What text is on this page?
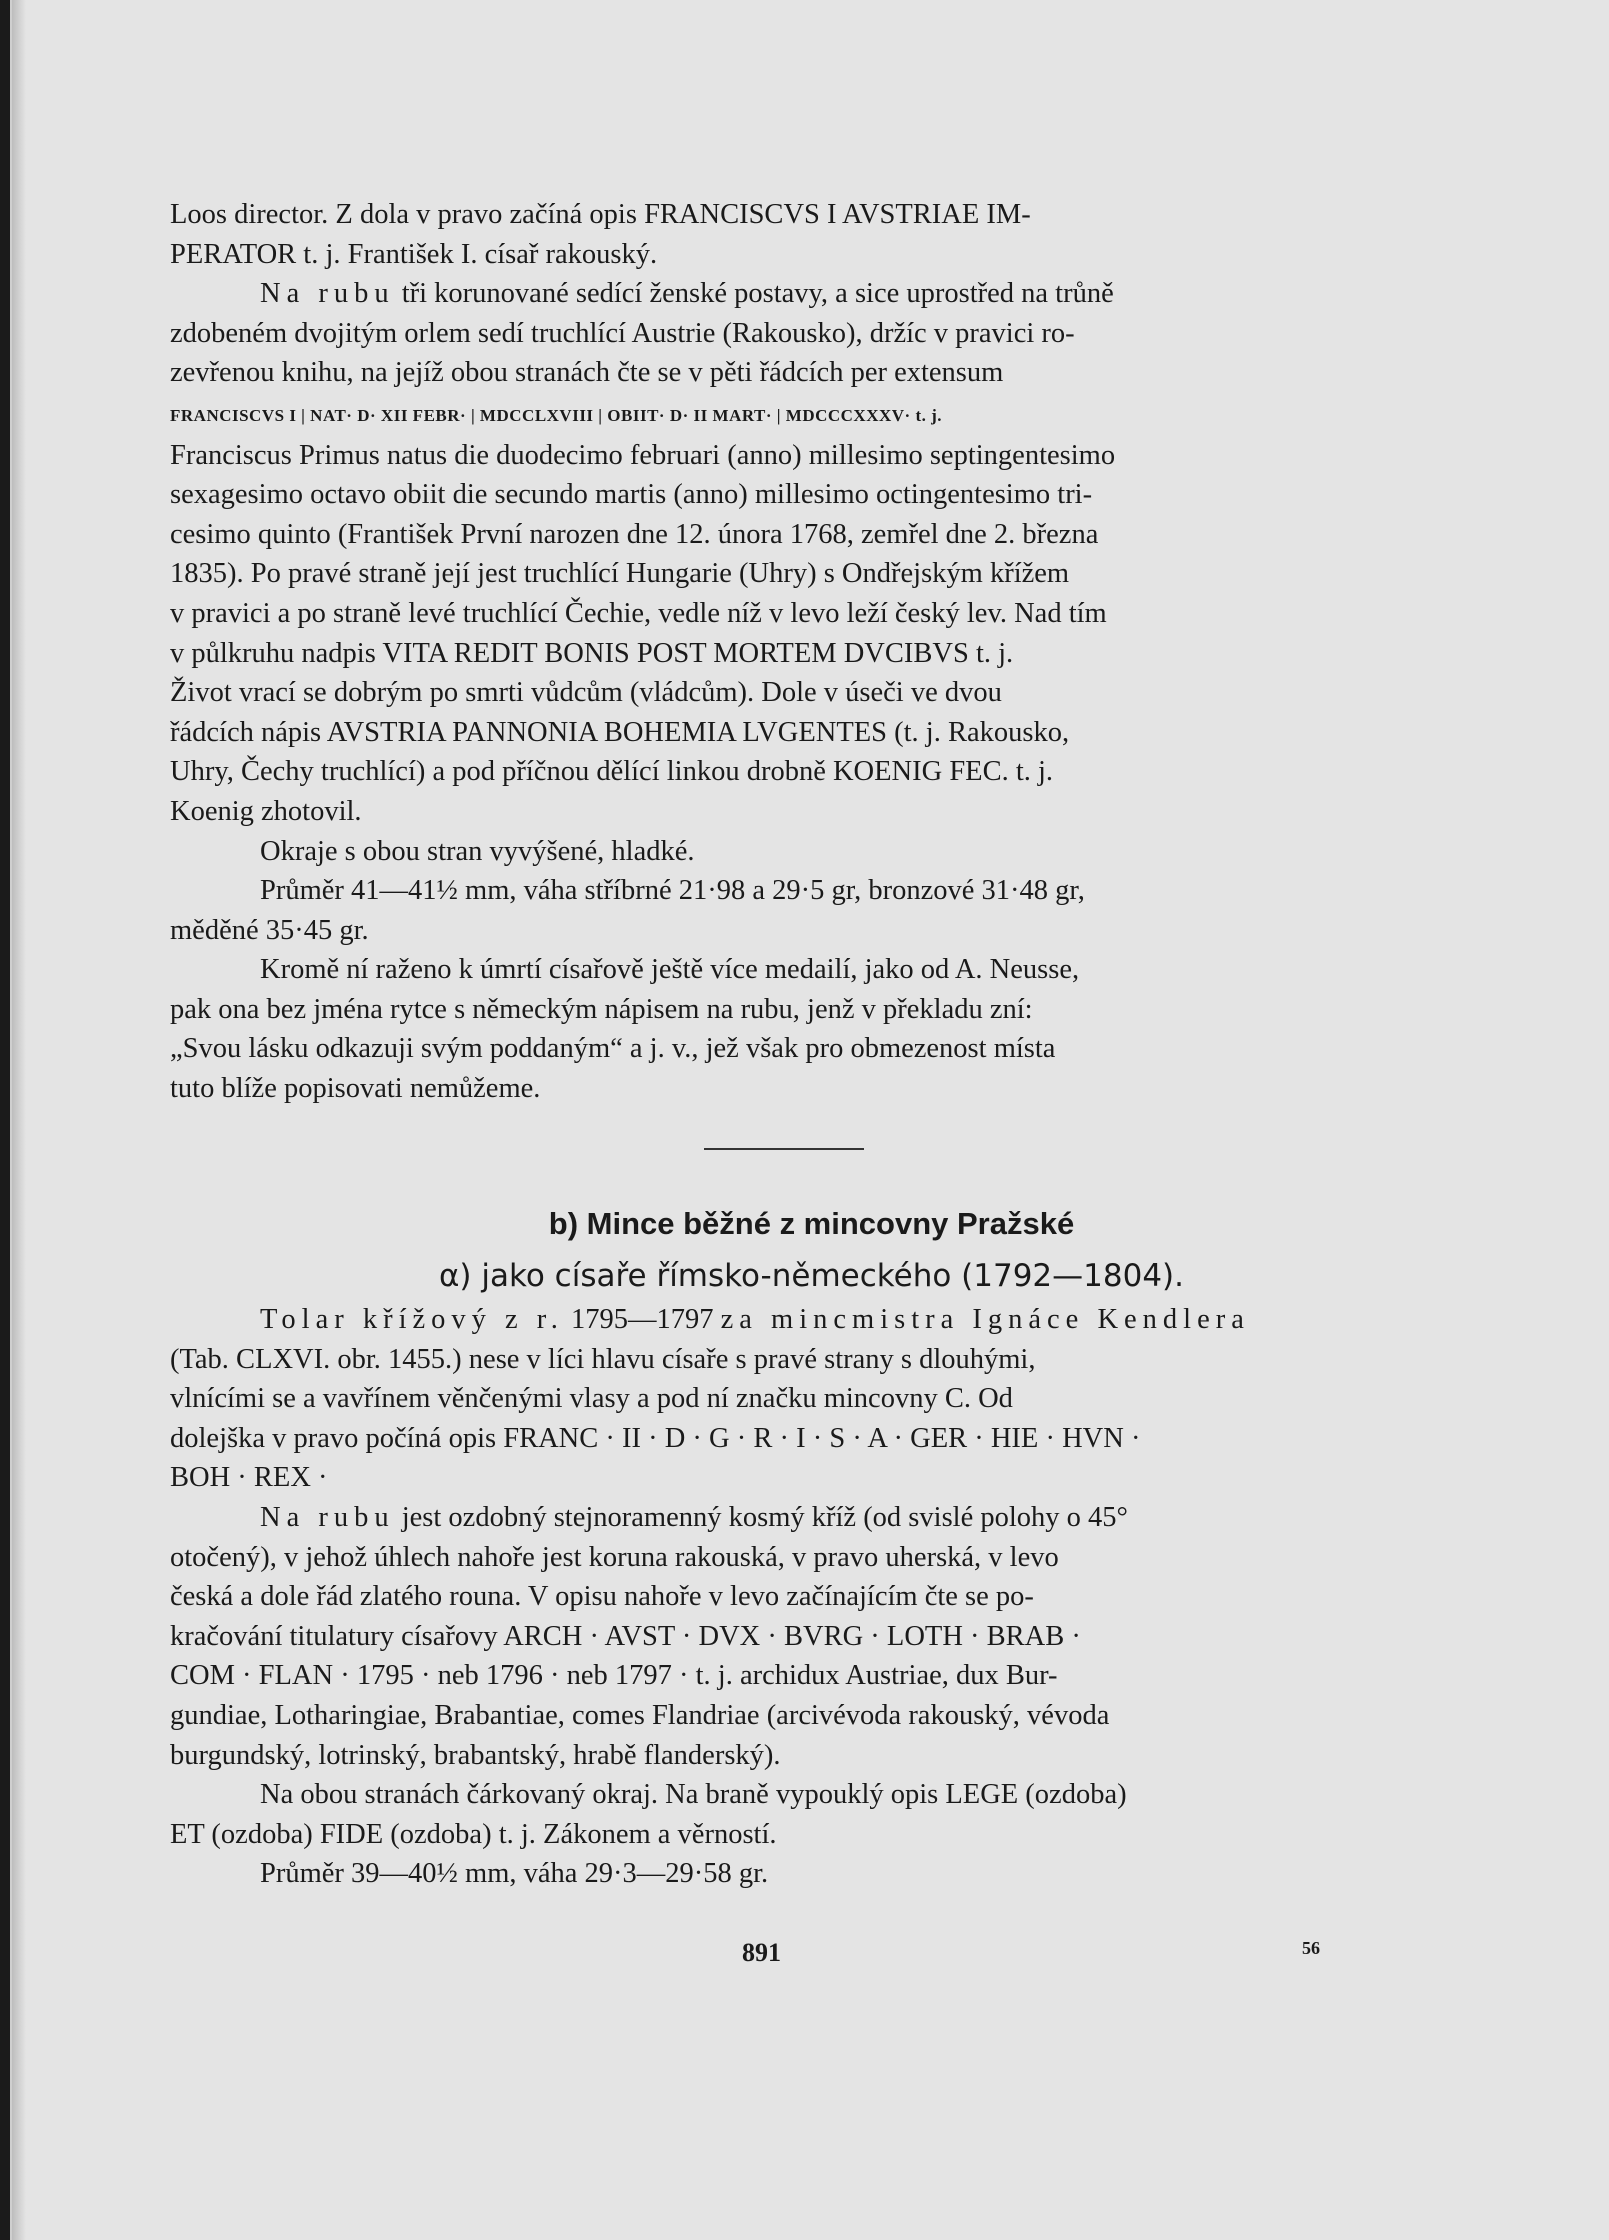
Loos director. Z dola v pravo začíná opis FRANCISCVS I AVSTRIAE IM-
PERATOR t. j. František I. císař rakouský.

Na rubu tři korunované sedící ženské postavy, a sice uprostřed na trůně
zdobeném dvojitým orlem sedí truchlící Austrie (Rakousko), držíc v pravici ro-
zevřenou knihu, na jejíž obou stranách čte se v pěti řádcích per extensum
FRANCISCVS I | NAT· D· XII FEBR· | MDCCLXVIII | OBIIT· D· II MART· | MDCCCXXXV· t. j.
Franciscus Primus natus die duodecimo februari (anno) millesimo septingentesimo
sexagesimo octavo obiit die secundo martis (anno) millesimo octingentesimo tri-
cesimo quinto (František První narozen dne 12. února 1768, zemřel dne 2. března
1835). Po pravé straně její jest truchlící Hungarie (Uhry) s Ondřejským křížem
v pravici a po straně levé truchlící Čechie, vedle níž v levo leží český lev. Nad tím
v půlkruhu nadpis VITA REDIT BONIS POST MORTEM DVCIBVS t. j.
Život vrací se dobrým po smrti vůdcům (vládcům). Dole v úseči ve dvou
řádcích nápis AVSTRIA PANNONIA BOHEMIA LVGENTES (t. j. Rakousko,
Uhry, Čechy truchlící) a pod příčnou dělící linkou drobně KOENIG FEC. t. j.
Koenig zhotovil.

Okraje s obou stran vyvýšené, hladké.

Průměr 41—41½ mm, váha stříbrné 21·98 a 29·5 gr, bronzové 31·48 gr,
měděné 35·45 gr.

Kromě ní raženo k úmrtí císařově ještě více medailí, jako od A. Neusse,
pak ona bez jména rytce s německým nápisem na rubu, jenž v překladu zní:
„Svou lásku odkazuji svým poddaným“ a j. v., jež však pro obmezenost místa
tuto blíže popisovati nemůžeme.

b) Mince běžné z mincovny Pražské
α) jako císaře římsko-německého (1792—1804).

Tolar křížový z r. 1795—1797 za mincmistra Ignáce Kendlera
(Tab. CLXVI. obr. 1455.) nese v líci hlavu císaře s pravé strany s dlouhými,
vlnícími se a vavřínem věnčenými vlasy a pod ní značku mincovny C. Od
dolejška v pravo počíná opis FRANC · II · D · G · R · I · S · A · GER · HIE · HVN ·
BOH · REX ·

Na rubu jest ozdobný stejnoramenný kosmý kříž (od svislé polohy o 45°
otočený), v jehož úhlech nahoře jest koruna rakouská, v pravo uherská, v levo
česká a dole řád zlatého rouna. V opisu nahoře v levo začínajícím čte se po-
kračování titulatury císařovy ARCH · AVST · DVX · BVRG · LOTH · BRAB ·
COM · FLAN · 1795 · neb 1796 · neb 1797 · t. j. archidux Austriae, dux Bur-
gundiae, Lotharingiae, Brabantiae, comes Flandriae (arcivévoda rakouský, vévoda
burgundský, lotrinský, brabantský, hrabě flanderský).

Na obou stranách čárkovaný okraj. Na braně vypouklý opis LEGE (ozdoba)
ET (ozdoba) FIDE (ozdoba) t. j. Zákonem a věrností.

Průměr 39—40½ mm, váha 29·3—29·58 gr.

891	56
